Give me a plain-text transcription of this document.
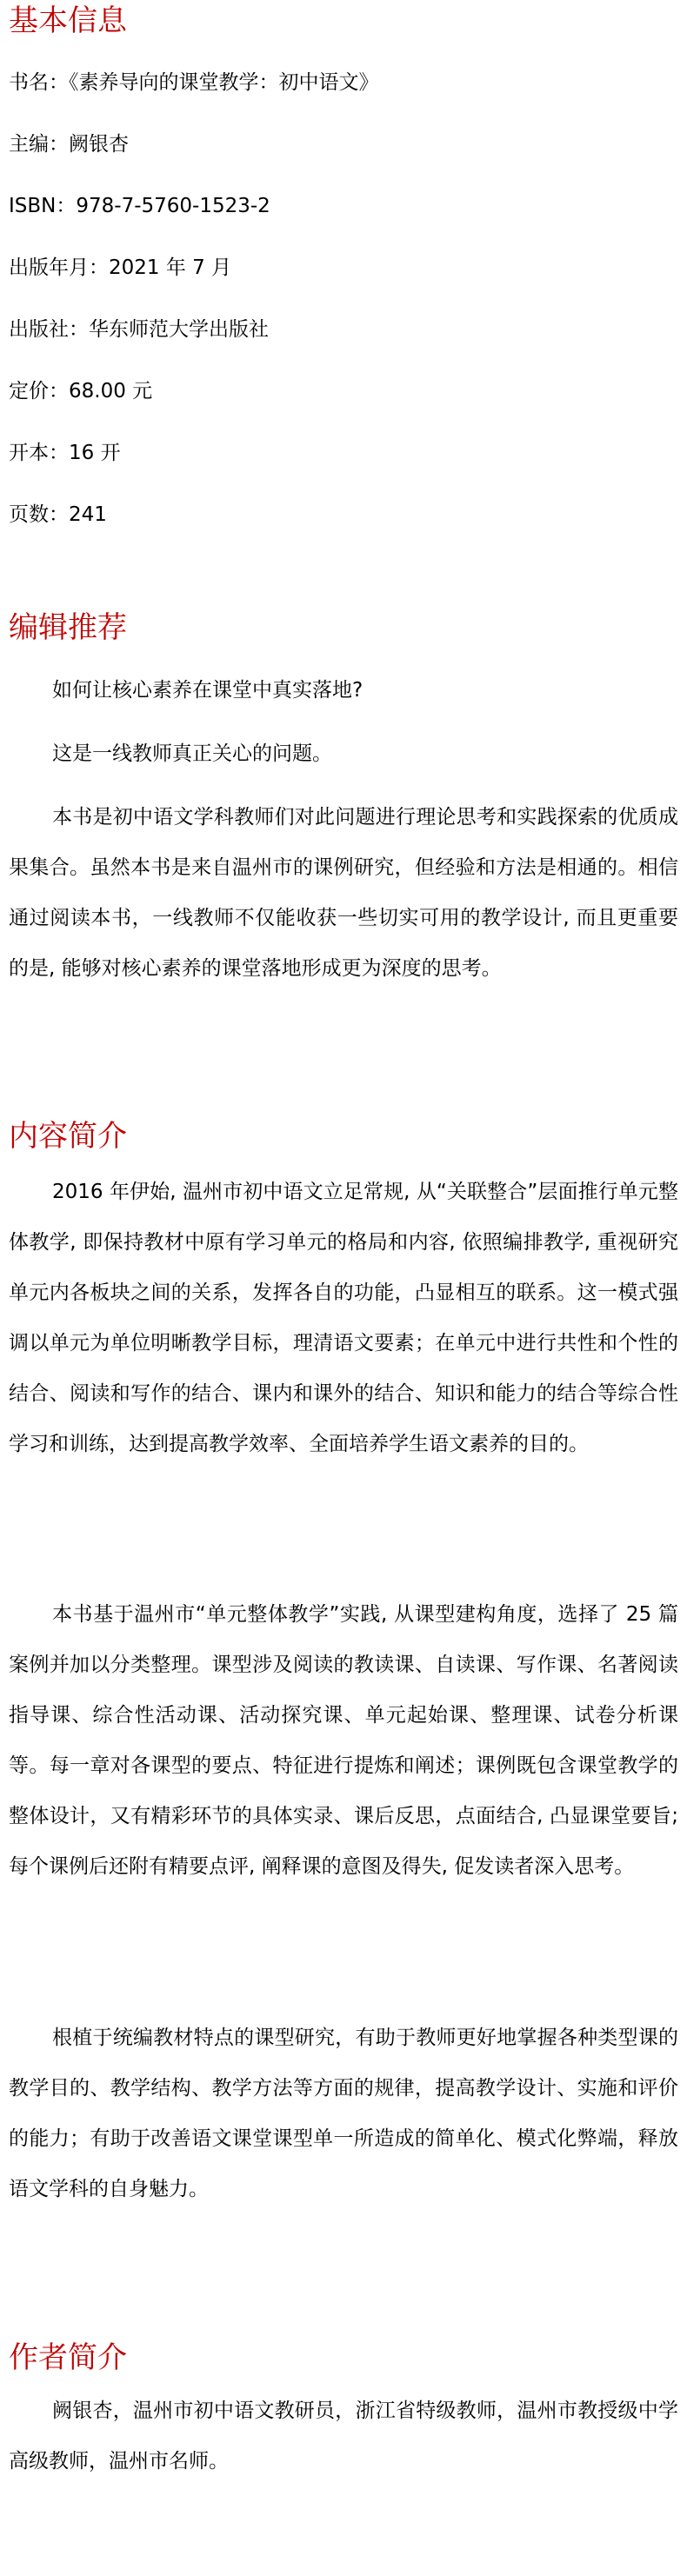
基本信息

书名：《素养导向的课堂教学：初中语文》

主编：阙银杏

ISBN：978-7-5760-1523-2

出版年月：2021 年 7 月

出版社：华东师范大学出版社

定价：68.00 元

开本：16 开

页数：241

编辑推荐

如何让核心素养在课堂中真实落地?

这是一线教师真正关心的问题。

本书是初中语文学科教师们对此问题进行理论思考和实践探索的优质成果集合。虽然本书是来自温州市的课例研究，但经验和方法是相通的。相信通过阅读本书，一线教师不仅能收获一些切实可用的教学设计, 而且更重要的是, 能够对核心素养的课堂落地形成更为深度的思考。

内容简介

2016 年伊始, 温州市初中语文立足常规, 从“关联整合”层面推行单元整体教学, 即保持教材中原有学习单元的格局和内容, 依照编排教学, 重视研究单元内各板块之间的关系，发挥各自的功能，凸显相互的联系。这一模式强调以单元为单位明晰教学目标，理清语文要素；在单元中进行共性和个性的结合、阅读和写作的结合、课内和课外的结合、知识和能力的结合等综合性学习和训练，达到提高教学效率、全面培养学生语文素养的目的。

本书基于温州市“单元整体教学”实践, 从课型建构角度，选择了 25 篇案例并加以分类整理。课型涉及阅读的教读课、自读课、写作课、名著阅读指导课、综合性活动课、活动探究课、单元起始课、整理课、试卷分析课等。每一章对各课型的要点、特征进行提炼和阐述；课例既包含课堂教学的整体设计，又有精彩环节的具体实录、课后反思，点面结合, 凸显课堂要旨; 每个课例后还附有精要点评, 阐释课的意图及得失, 促发读者深入思考。

根植于统编教材特点的课型研究，有助于教师更好地掌握各种类型课的教学目的、教学结构、教学方法等方面的规律，提高教学设计、实施和评价的能力；有助于改善语文课堂课型单一所造成的简单化、模式化弊端，释放语文学科的自身魅力。

作者简介

阙银杏，温州市初中语文教研员，浙江省特级教师，温州市教授级中学高级教师，温州市名师。
